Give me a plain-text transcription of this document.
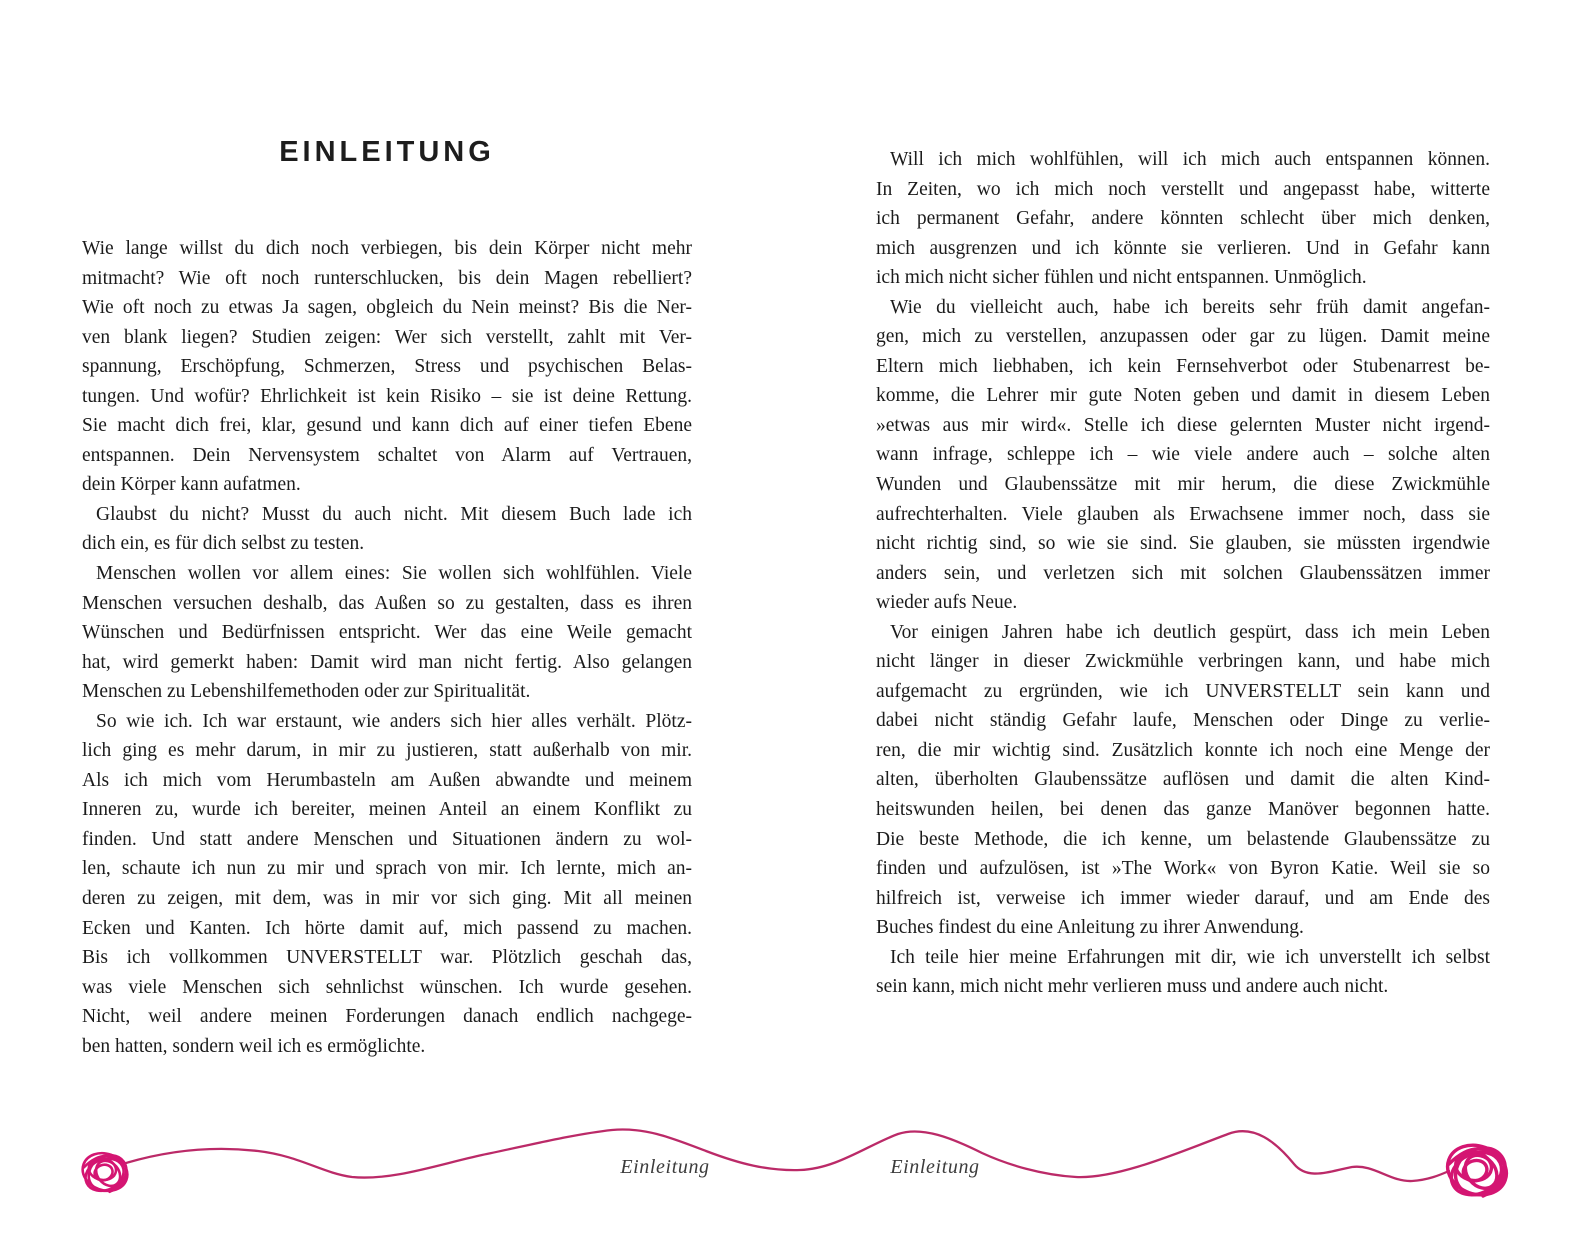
EINLEITUNG
Wie lange willst du dich noch verbiegen, bis dein Körper nicht mehr
mitmacht? Wie oft noch runterschlucken, bis dein Magen rebelliert?
Wie oft noch zu etwas Ja sagen, obgleich du Nein meinst? Bis die Ner-
ven blank liegen? Studien zeigen: Wer sich verstellt, zahlt mit Ver-
spannung, Erschöpfung, Schmerzen, Stress und psychischen Belas-
tungen. Und wofür? Ehrlichkeit ist kein Risiko – sie ist deine Rettung.
Sie macht dich frei, klar, gesund und kann dich auf einer tiefen Ebene
entspannen. Dein Nervensystem schaltet von Alarm auf Vertrauen,
dein Körper kann aufatmen.
Glaubst du nicht? Musst du auch nicht. Mit diesem Buch lade ich
dich ein, es für dich selbst zu testen.
Menschen wollen vor allem eines: Sie wollen sich wohlfühlen. Viele
Menschen versuchen deshalb, das Außen so zu gestalten, dass es ihren
Wünschen und Bedürfnissen entspricht. Wer das eine Weile gemacht
hat, wird gemerkt haben: Damit wird man nicht fertig. Also gelangen
Menschen zu Lebenshilfemethoden oder zur Spiritualität.
So wie ich. Ich war erstaunt, wie anders sich hier alles verhält. Plötz-
lich ging es mehr darum, in mir zu justieren, statt außerhalb von mir.
Als ich mich vom Herumbasteln am Außen abwandte und meinem
Inneren zu, wurde ich bereiter, meinen Anteil an einem Konflikt zu
finden. Und statt andere Menschen und Situationen ändern zu wol-
len, schaute ich nun zu mir und sprach von mir. Ich lernte, mich an-
deren zu zeigen, mit dem, was in mir vor sich ging. Mit all meinen
Ecken und Kanten. Ich hörte damit auf, mich passend zu machen.
Bis ich vollkommen UNVERSTELLT war. Plötzlich geschah das,
was viele Menschen sich sehnlichst wünschen. Ich wurde gesehen.
Nicht, weil andere meinen Forderungen danach endlich nachgege-
ben hatten, sondern weil ich es ermöglichte.
Will ich mich wohlfühlen, will ich mich auch entspannen können.
In Zeiten, wo ich mich noch verstellt und angepasst habe, witterte
ich permanent Gefahr, andere könnten schlecht über mich denken,
mich ausgrenzen und ich könnte sie verlieren. Und in Gefahr kann
ich mich nicht sicher fühlen und nicht entspannen. Unmöglich.
Wie du vielleicht auch, habe ich bereits sehr früh damit angefan-
gen, mich zu verstellen, anzupassen oder gar zu lügen. Damit meine
Eltern mich liebhaben, ich kein Fernsehverbot oder Stubenarrest be-
komme, die Lehrer mir gute Noten geben und damit in diesem Leben
»etwas aus mir wird«. Stelle ich diese gelernten Muster nicht irgend-
wann infrage, schleppe ich – wie viele andere auch – solche alten
Wunden und Glaubenssätze mit mir herum, die diese Zwickmühle
aufrechterhalten. Viele glauben als Erwachsene immer noch, dass sie
nicht richtig sind, so wie sie sind. Sie glauben, sie müssten irgendwie
anders sein, und verletzen sich mit solchen Glaubenssätzen immer
wieder aufs Neue.
Vor einigen Jahren habe ich deutlich gespürt, dass ich mein Leben
nicht länger in dieser Zwickmühle verbringen kann, und habe mich
aufgemacht zu ergründen, wie ich UNVERSTELLT sein kann und
dabei nicht ständig Gefahr laufe, Menschen oder Dinge zu verlie-
ren, die mir wichtig sind. Zusätzlich konnte ich noch eine Menge der
alten, überholten Glaubenssätze auflösen und damit die alten Kind-
heitswunden heilen, bei denen das ganze Manöver begonnen hatte.
Die beste Methode, die ich kenne, um belastende Glaubenssätze zu
finden und aufzulösen, ist »The Work« von Byron Katie. Weil sie so
hilfreich ist, verweise ich immer wieder darauf, und am Ende des
Buches findest du eine Anleitung zu ihrer Anwendung.
Ich teile hier meine Erfahrungen mit dir, wie ich unverstellt ich selbst
sein kann, mich nicht mehr verlieren muss und andere auch nicht.
Einleitung	Einleitung
